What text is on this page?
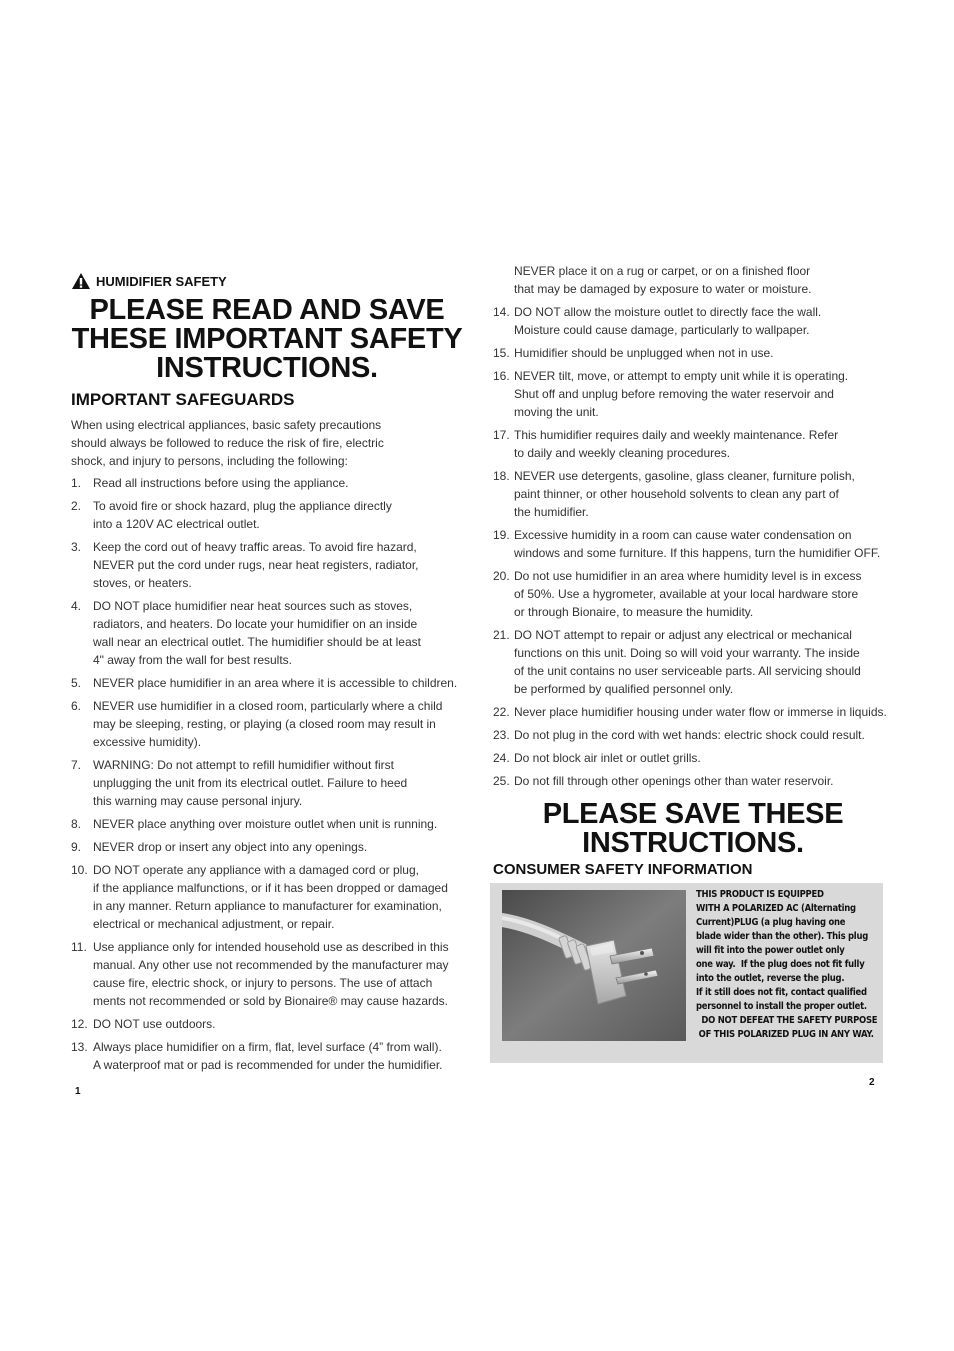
HUMIDIFIER SAFETY
PLEASE READ AND SAVE
THESE IMPORTANT SAFETY
INSTRUCTIONS.
IMPORTANT SAFEGUARDS
When using electrical appliances, basic safety precautions
should always be followed to reduce the risk of fire, electric
shock, and injury to persons, including the following:
1. Read all instructions before using the appliance.
2. To avoid fire or shock hazard, plug the appliance directly
into a 120V AC electrical outlet.
3. Keep the cord out of heavy traffic areas. To avoid fire hazard,
NEVER put the cord under rugs, near heat registers, radiator,
stoves, or heaters.
4. DO NOT place humidifier near heat sources such as stoves,
radiators, and heaters. Do locate your humidifier on an inside
wall near an electrical outlet. The humidifier should be at least
4" away from the wall for best results.
5. NEVER place humidifier in an area where it is accessible to children.
6. NEVER use humidifier in a closed room, particularly where a child
may be sleeping, resting, or playing (a closed room may result in
excessive humidity).
7. WARNING: Do not attempt to refill humidifier without first
unplugging the unit from its electrical outlet. Failure to heed
this warning may cause personal injury.
8. NEVER place anything over moisture outlet when unit is running.
9. NEVER drop or insert any object into any openings.
10. DO NOT operate any appliance with a damaged cord or plug,
if the appliance malfunctions, or if it has been dropped or damaged
in any manner. Return appliance to manufacturer for examination,
electrical or mechanical adjustment, or repair.
11. Use appliance only for intended household use as described in this
manual. Any other use not recommended by the manufacturer may
cause fire, electric shock, or injury to persons. The use of attach
ments not recommended or sold by Bionaire® may cause hazards.
12. DO NOT use outdoors.
13. Always place humidifier on a firm, flat, level surface (4” from wall).
A waterproof mat or pad is recommended for under the humidifier.
NEVER place it on a rug or carpet, or on a finished floor
that may be damaged by exposure to water or moisture.
14. DO NOT allow the moisture outlet to directly face the wall.
Moisture could cause damage, particularly to wallpaper.
15. Humidifier should be unplugged when not in use.
16. NEVER tilt, move, or attempt to empty unit while it is operating.
Shut off and unplug before removing the water reservoir and
moving the unit.
17. This humidifier requires daily and weekly maintenance. Refer
to daily and weekly cleaning procedures.
18. NEVER use detergents, gasoline, glass cleaner, furniture polish,
paint thinner, or other household solvents to clean any part of
the humidifier.
19. Excessive humidity in a room can cause water condensation on
windows and some furniture. If this happens, turn the humidifier OFF.
20. Do not use humidifier in an area where humidity level is in excess
of 50%. Use a hygrometer, available at your local hardware store
or through Bionaire, to measure the humidity.
21. DO NOT attempt to repair or adjust any electrical or mechanical
functions on this unit. Doing so will void your warranty. The inside
of the unit contains no user serviceable parts. All servicing should
be performed by qualified personnel only.
22. Never place humidifier housing under water flow or immerse in liquids.
23. Do not plug in the cord with wet hands: electric shock could result.
24. Do not block air inlet or outlet grills.
25. Do not fill through other openings other than water reservoir.
PLEASE SAVE THESE
INSTRUCTIONS.
CONSUMER SAFETY INFORMATION
THIS PRODUCT IS EQUIPPED
WITH A POLARIZED AC (Alternating
Current)PLUG (a plug having one
blade wider than the other). This plug
will fit into the power outlet only
one way.  If the plug does not fit fully
into the outlet, reverse the plug.
If it still does not fit, contact qualified
personnel to install the proper outlet.
DO NOT DEFEAT THE SAFETY PURPOSE
OF THIS POLARIZED PLUG IN ANY WAY.
1
2
